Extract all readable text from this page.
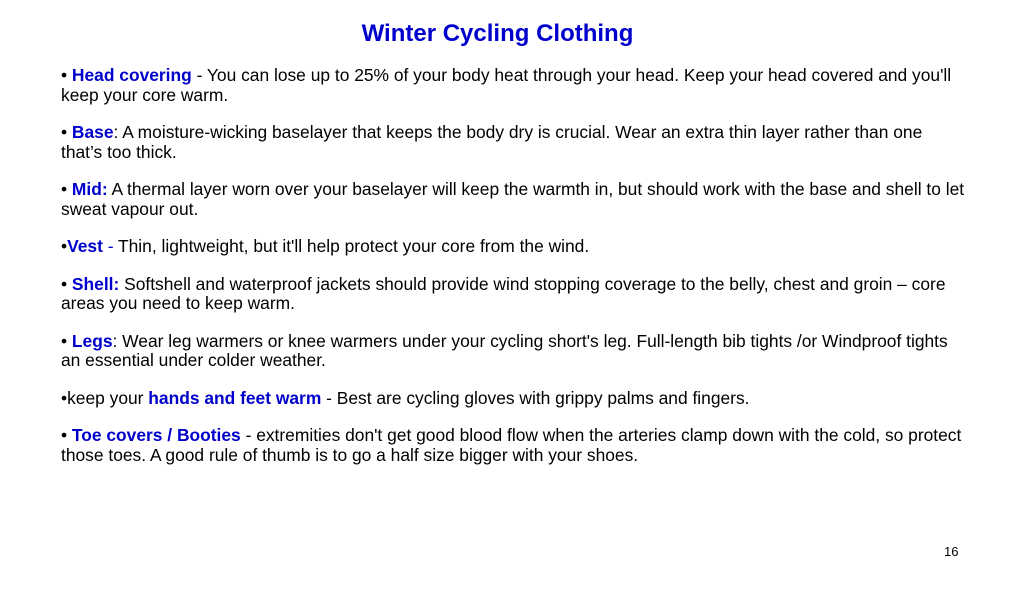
Winter Cycling Clothing
• Head covering - You can lose up to 25% of your body heat through your head. Keep your head covered and you'll keep your core warm.
• Base: A moisture-wicking baselayer that keeps the body dry is crucial. Wear an extra thin layer rather than one that’s too thick.
• Mid: A thermal layer worn over your baselayer will keep the warmth in, but should work with the base and shell to let sweat vapour out.
•Vest - Thin, lightweight, but it'll help protect your core from the wind.
• Shell: Softshell and waterproof jackets should provide wind stopping coverage to the belly, chest and groin – core areas you need to keep warm.
• Legs: Wear leg warmers or knee warmers under your cycling short's leg. Full-length bib tights /or Windproof tights an essential under colder weather.
•keep your hands and feet warm - Best are cycling gloves with grippy palms and fingers.
• Toe covers / Booties - extremities don't get good blood flow when the arteries clamp down with the cold, so protect those toes. A good rule of thumb is to go a half size bigger with your shoes.
16
